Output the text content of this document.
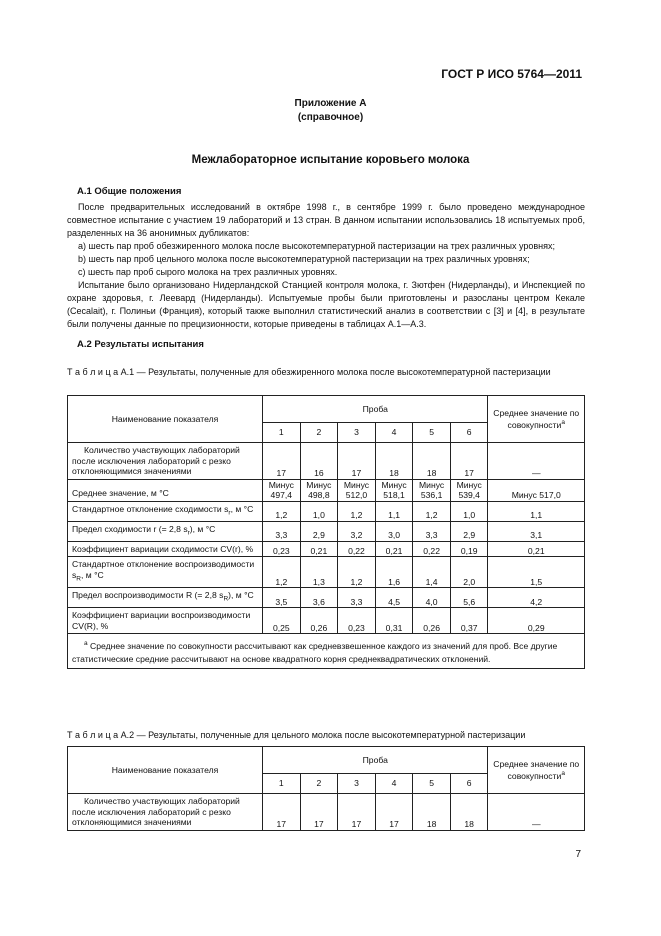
ГОСТ Р ИСО 5764—2011
Приложение А
(справочное)
Межлабораторное испытание коровьего молока
А.1 Общие положения

После предварительных исследований в октябре 1998 г., в сентябре 1999 г. было проведено международное совместное испытание с участием 19 лабораторий и 13 стран. В данном испытании использовались 18 испытуемых проб, разделенных на 36 анонимных дубликатов:

a) шесть пар проб обезжиренного молока после высокотемпературной пастеризации на трех различных уровнях;

b) шесть пар проб цельного молока после высокотемпературной пастеризации на трех различных уровнях;

c) шесть пар проб сырого молока на трех различных уровнях.

Испытание было организовано Нидерландской Станцией контроля молока, г. Зютфен (Нидерланды), и Инспекцией по охране здоровья, г. Леевард (Нидерланды). Испытуемые пробы были приготовлены и разосланы центром Кекале (Cecalait), г. Полиньи (Франция), который также выполнил статистический анализ в соответствии с [3] и [4], в результате были получены данные по прецизионности, которые приведены в таблицах А.1—А.3.

А.2 Результаты испытания
Т а б л и ц а А.1 — Результаты, полученные для обезжиренного молока после высокотемпературной пастеризации
Наименование показателя	Проба						Среднее значение по совокупности$^а$
	1	2	3	4	5	6	
Количество участвующих лабораторий после исключения лабораторий с резко отклоняющимися значениями	17	16	17	18	18	17	—
Среднее значение, м °С	Минус 497,4	Минус 498,8	Минус 512,0	Минус 518,1	Минус 536,1	Минус 539,4	Минус 517,0
Стандартное отклонение сходимости $s_r$, м °С	1,2	1,0	1,2	1,1	1,2	1,0	1,1
Предел сходимости r (= 2,8 $s_r$), м °С	3,3	2,9	3,2	3,0	3,3	2,9	3,1
Коэффициент вариации сходимости CV(r), %	0,23	0,21	0,22	0,21	0,22	0,19	0,21
Стандартное отклонение воспроизводимости $s_R$, м °С	1,2	1,3	1,2	1,6	1,4	2,0	1,5
Предел воспроизводимости R (= 2,8 $s_R$), м °С	3,5	3,6	3,3	4,5	4,0	5,6	4,2
Коэффициент вариации воспроизводимости CV(R), %	0,25	0,26	0,23	0,31	0,26	0,37	0,29
$^а$ Среднее значение по совокупности рассчитывают как средневзвешенное каждого из значений для проб. Все другие статистические средние рассчитывают на основе квадратного корня среднеквадратических отклонений.							
Т а б л и ц а А.2 — Результаты, полученные для цельного молока после высокотемпературной пастеризации
Наименование показателя	Проба						Среднее значение по совокупности$^а$
	1	2	3	4	5	6	
Количество участвующих лабораторий после исключения лабораторий с резко отклоняющимися значениями	17	17	17	17	18	18	—
7
